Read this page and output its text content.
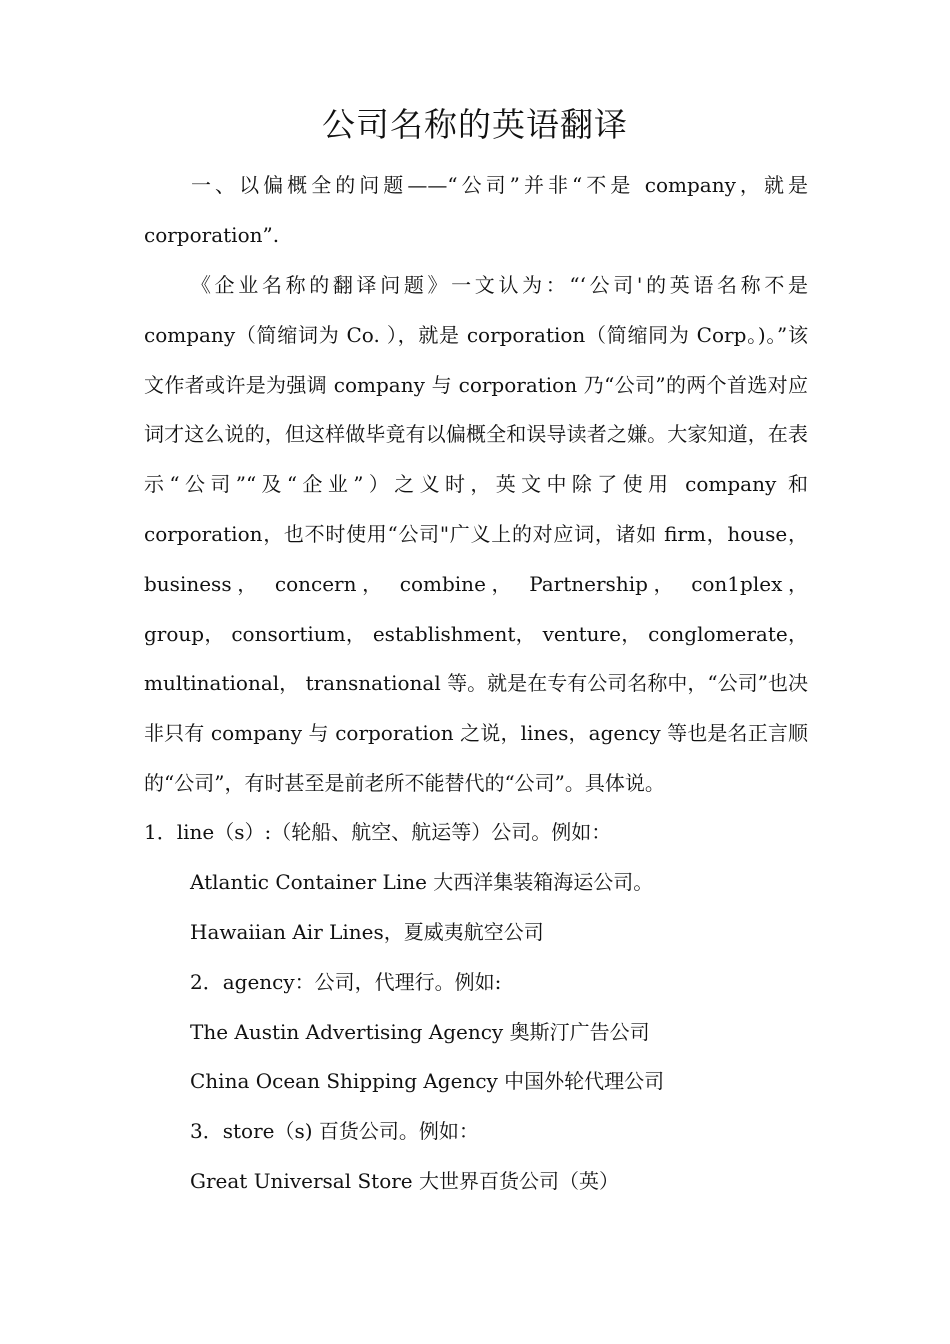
公司名称的英语翻译
一、以偏概全的问题——“公司”并非“不是 company，就是 corporation”.
《企业名称的翻译问题》一文认为：“‘公司'的英语名称不是 company（简缩词为 Co. ），就是 corporation（简缩同为 Corp。)。”该文作者或许是为强调 company 与 corporation 乃“公司”的两个首选对应词才这么说的，但这样做毕竟有以偏概全和误导读者之嫌。大家知道，在表示“公司”“及“企业”）之义时，英文中除了使用 company 和 corporation，也不时使用“公司"广义上的对应词，诸如 firm，house，business， concern， combine， Partnership， con1plex， group， consortium， establishment， venture， conglomerate， multinational， transnational 等。就是在专有公司名称中，“公司”也决非只有 company 与 corporation 之说，lines，agency 等也是名正言顺的“公司”，有时甚至是前老所不能替代的“公司”。具体说。
1．line（s）:（轮船、航空、航运等）公司。例如：
Atlantic Container Line 大西洋集装箱海运公司。
Hawaiian Air Lines，夏威夷航空公司
2．agency：公司，代理行。例如:
The Austin Advertising Agency 奥斯汀广告公司
China Ocean Shipping Agency 中国外轮代理公司
3．store（s) 百货公司。例如：
Great Universal Store 大世界百货公司（英）
